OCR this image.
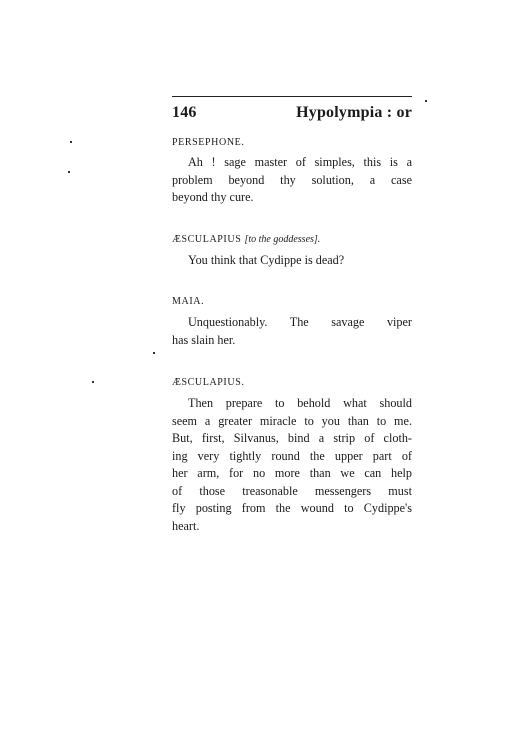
146	Hypolympia : or

PERSEPHONE.

Ah ! sage master of simples, this is a
problem beyond thy solution, a case
beyond thy cure.

ÆSCULAPIUS [to the goddesses].

You think that Cydippe is dead?

MAIA.

Unquestionably. The savage viper
has slain her.

ÆSCULAPIUS.

Then prepare to behold what should
seem a greater miracle to you than to me.
But, first, Silvanus, bind a strip of cloth-
ing very tightly round the upper part of
her arm, for no more than we can help
of those treasonable messengers must
fly posting from the wound to Cydippe's
heart.
